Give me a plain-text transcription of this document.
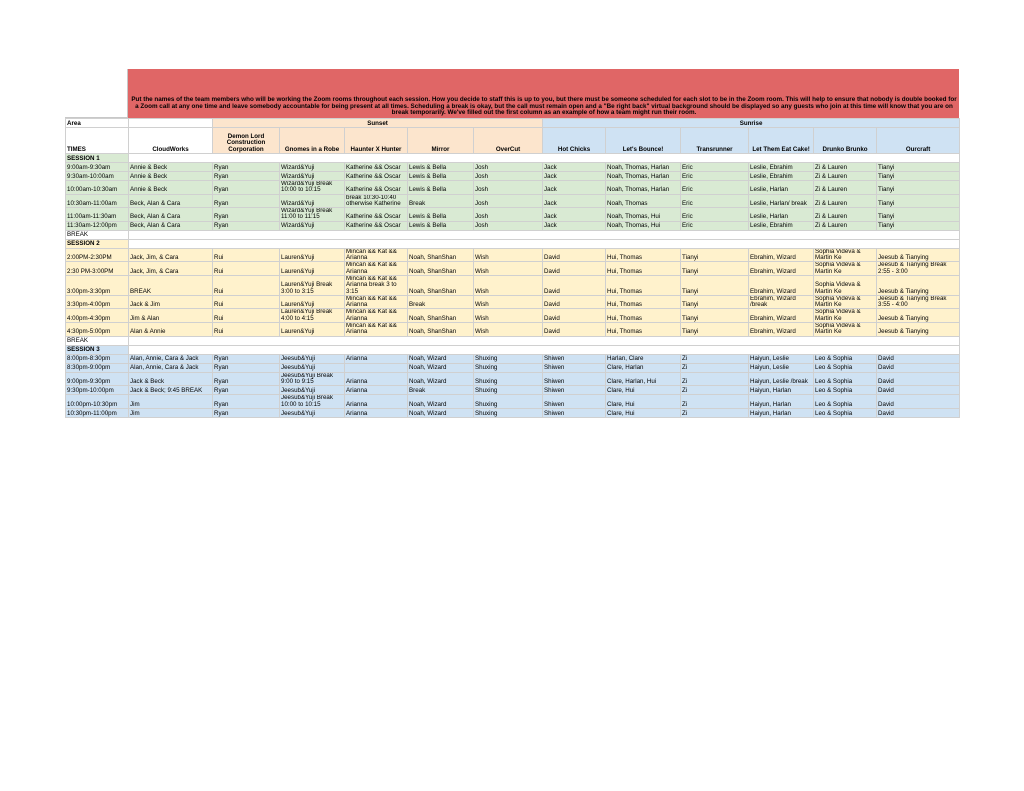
Put the names of the team members who will be working the Zoom rooms throughout each session. How you decide to staff this is up to you, but there must be someone scheduled for each slot to be in the Zoom room. This will help to ensure that nobody is double booked for a Zoom call at any one time and leave somebody accountable for being present at all times. Scheduling a break is okay, but the call must remain open and a "Be right back" virtual background should be displayed so any guests who join at this time will know that you are on break temporarily. We've filled out the first column as an example of how a team might run their room.
Area		Sunset					Sunrise					
TIMES	CloudWorks	Demon Lord Construction Corporation	Gnomes in a Robe	Haunter X Hunter	Mirror	OverCut	Hot Chicks	Let's Bounce!	Transrunner	Let Them Eat Cake!	Drunko Brunko	Ourcraft
SESSION 1												
9:00am-9:30am	Annie & Beck	Ryan	Wizard&Yuji	Katherine && Oscar	Lewis & Bella	Josh	Jack	Noah, Thomas, Harlan	Eric	Leslie, Ebrahim	Zi & Lauren	Tianyi
9:30am-10:00am	Annie & Beck	Ryan	Wizard&Yuji	Katherine && Oscar	Lewis & Bella	Josh	Jack	Noah, Thomas, Harlan	Eric	Leslie, Ebrahim	Zi & Lauren	Tianyi
10:00am-10:30am	Annie & Beck	Ryan	Wizard&Yuji Break 10:00 to 10:15	Katherine && Oscar	Lewis & Bella	Josh	Jack	Noah, Thomas, Harlan	Eric	Leslie, Harlan	Zi & Lauren	Tianyi
10:30am-11:00am	Beck, Alan & Cara	Ryan	Wizard&Yuji	break 10:30-10:40 otherwise Katherine	Break	Josh	Jack	Noah, Thomas	Eric	Leslie, Harlan/ break	Zi & Lauren	Tianyi
11:00am-11:30am	Beck, Alan & Cara	Ryan	Wizard&Yuji Break 11:00 to 11:15	Katherine && Oscar	Lewis & Bella	Josh	Jack	Noah, Thomas, Hui	Eric	Leslie, Harlan	Zi & Lauren	Tianyi
11:30am-12:00pm	Beck, Alan & Cara	Ryan	Wizard&Yuji	Katherine && Oscar	Lewis & Bella	Josh	Jack	Noah, Thomas, Hui	Eric	Leslie, Ebrahim	Zi & Lauren	Tianyi
BREAK												
SESSION 2												
2:00PM-2:30PM	Jack, Jim, & Cara	Rui	Lauren&Yuji	Mincan && Kat && Arianna	Noah, ShanShan	Wish	David	Hui, Thomas	Tianyi	Ebrahim, Wizard	Sophia Videva & Martin Ke	Jeesub & Tianying
2:30 PM-3:00PM	Jack, Jim, & Cara	Rui	Lauren&Yuji	Mincan && Kat && Arianna	Noah, ShanShan	Wish	David	Hui, Thomas	Tianyi	Ebrahim, Wizard	Sophia Videva & Martin Ke	Jeesub & Tianying Break 2:55 - 3:00
3:00pm-3:30pm	BREAK	Rui	Lauren&Yuji Break 3:00 to 3:15	Mincan && Kat && Arianna break 3 to 3:15	Noah, ShanShan	Wish	David	Hui, Thomas	Tianyi	Ebrahim, Wizard	Sophia Videva & Martin Ke	Jeesub & Tianying
3:30pm-4:00pm	Jack & Jim	Rui	Lauren&Yuji	Mincan && Kat && Arianna	Break	Wish	David	Hui, Thomas	Tianyi	Ebrahim, Wizard /break	Sophia Videva & Martin Ke	Jeesub & Tianying Break 3:55 - 4:00
4:00pm-4:30pm	Jim & Alan	Rui	Lauren&Yuji Break 4:00 to 4:15	Mincan && Kat && Arianna	Noah, ShanShan	Wish	David	Hui, Thomas	Tianyi	Ebrahim, Wizard	Sophia Videva & Martin Ke	Jeesub & Tianying
4:30pm-5:00pm	Alan & Annie	Rui	Lauren&Yuji	Mincan && Kat && Arianna	Noah, ShanShan	Wish	David	Hui, Thomas	Tianyi	Ebrahim, Wizard	Sophia Videva & Martin Ke	Jeesub & Tianying
BREAK												
SESSION 3												
8:00pm-8:30pm	Alan, Annie, Cara & Jack	Ryan	Jeesub&Yuji	Arianna	Noah, Wizard	Shuxing	Shiwen	Harlan, Clare	Zi	Haiyun, Leslie	Leo & Sophia	David
8:30pm-9:00pm	Alan, Annie, Cara & Jack	Ryan	Jeesub&Yuji		Noah, Wizard	Shuxing	Shiwen	Clare, Harlan	Zi	Haiyun, Leslie	Leo & Sophia	David
9:00pm-9:30pm	Jack & Beck	Ryan	Jeesub&Yuji Break 9:00 to 9:15	Arianna	Noah, Wizard	Shuxing	Shiwen	Clare, Harlan, Hui	Zi	Haiyun, Leslie /break	Leo & Sophia	David
9:30pm-10:00pm	Jack & Beck; 9:45 BREAK	Ryan	Jeesub&Yuji	Arianna	Break	Shuxing	Shiwen	Clare, Hui	Zi	Haiyun, Harlan	Leo & Sophia	David
10:00pm-10:30pm	Jim	Ryan	Jeesub&Yuji Break 10:00 to 10:15	Arianna	Noah, Wizard	Shuxing	Shiwen	Clare, Hui	Zi	Haiyun, Harlan	Leo & Sophia	David
10:30pm-11:00pm	Jim	Ryan	Jeesub&Yuji	Arianna	Noah, Wizard	Shuxing	Shiwen	Clare, Hui	Zi	Haiyun, Harlan	Leo & Sophia	David
